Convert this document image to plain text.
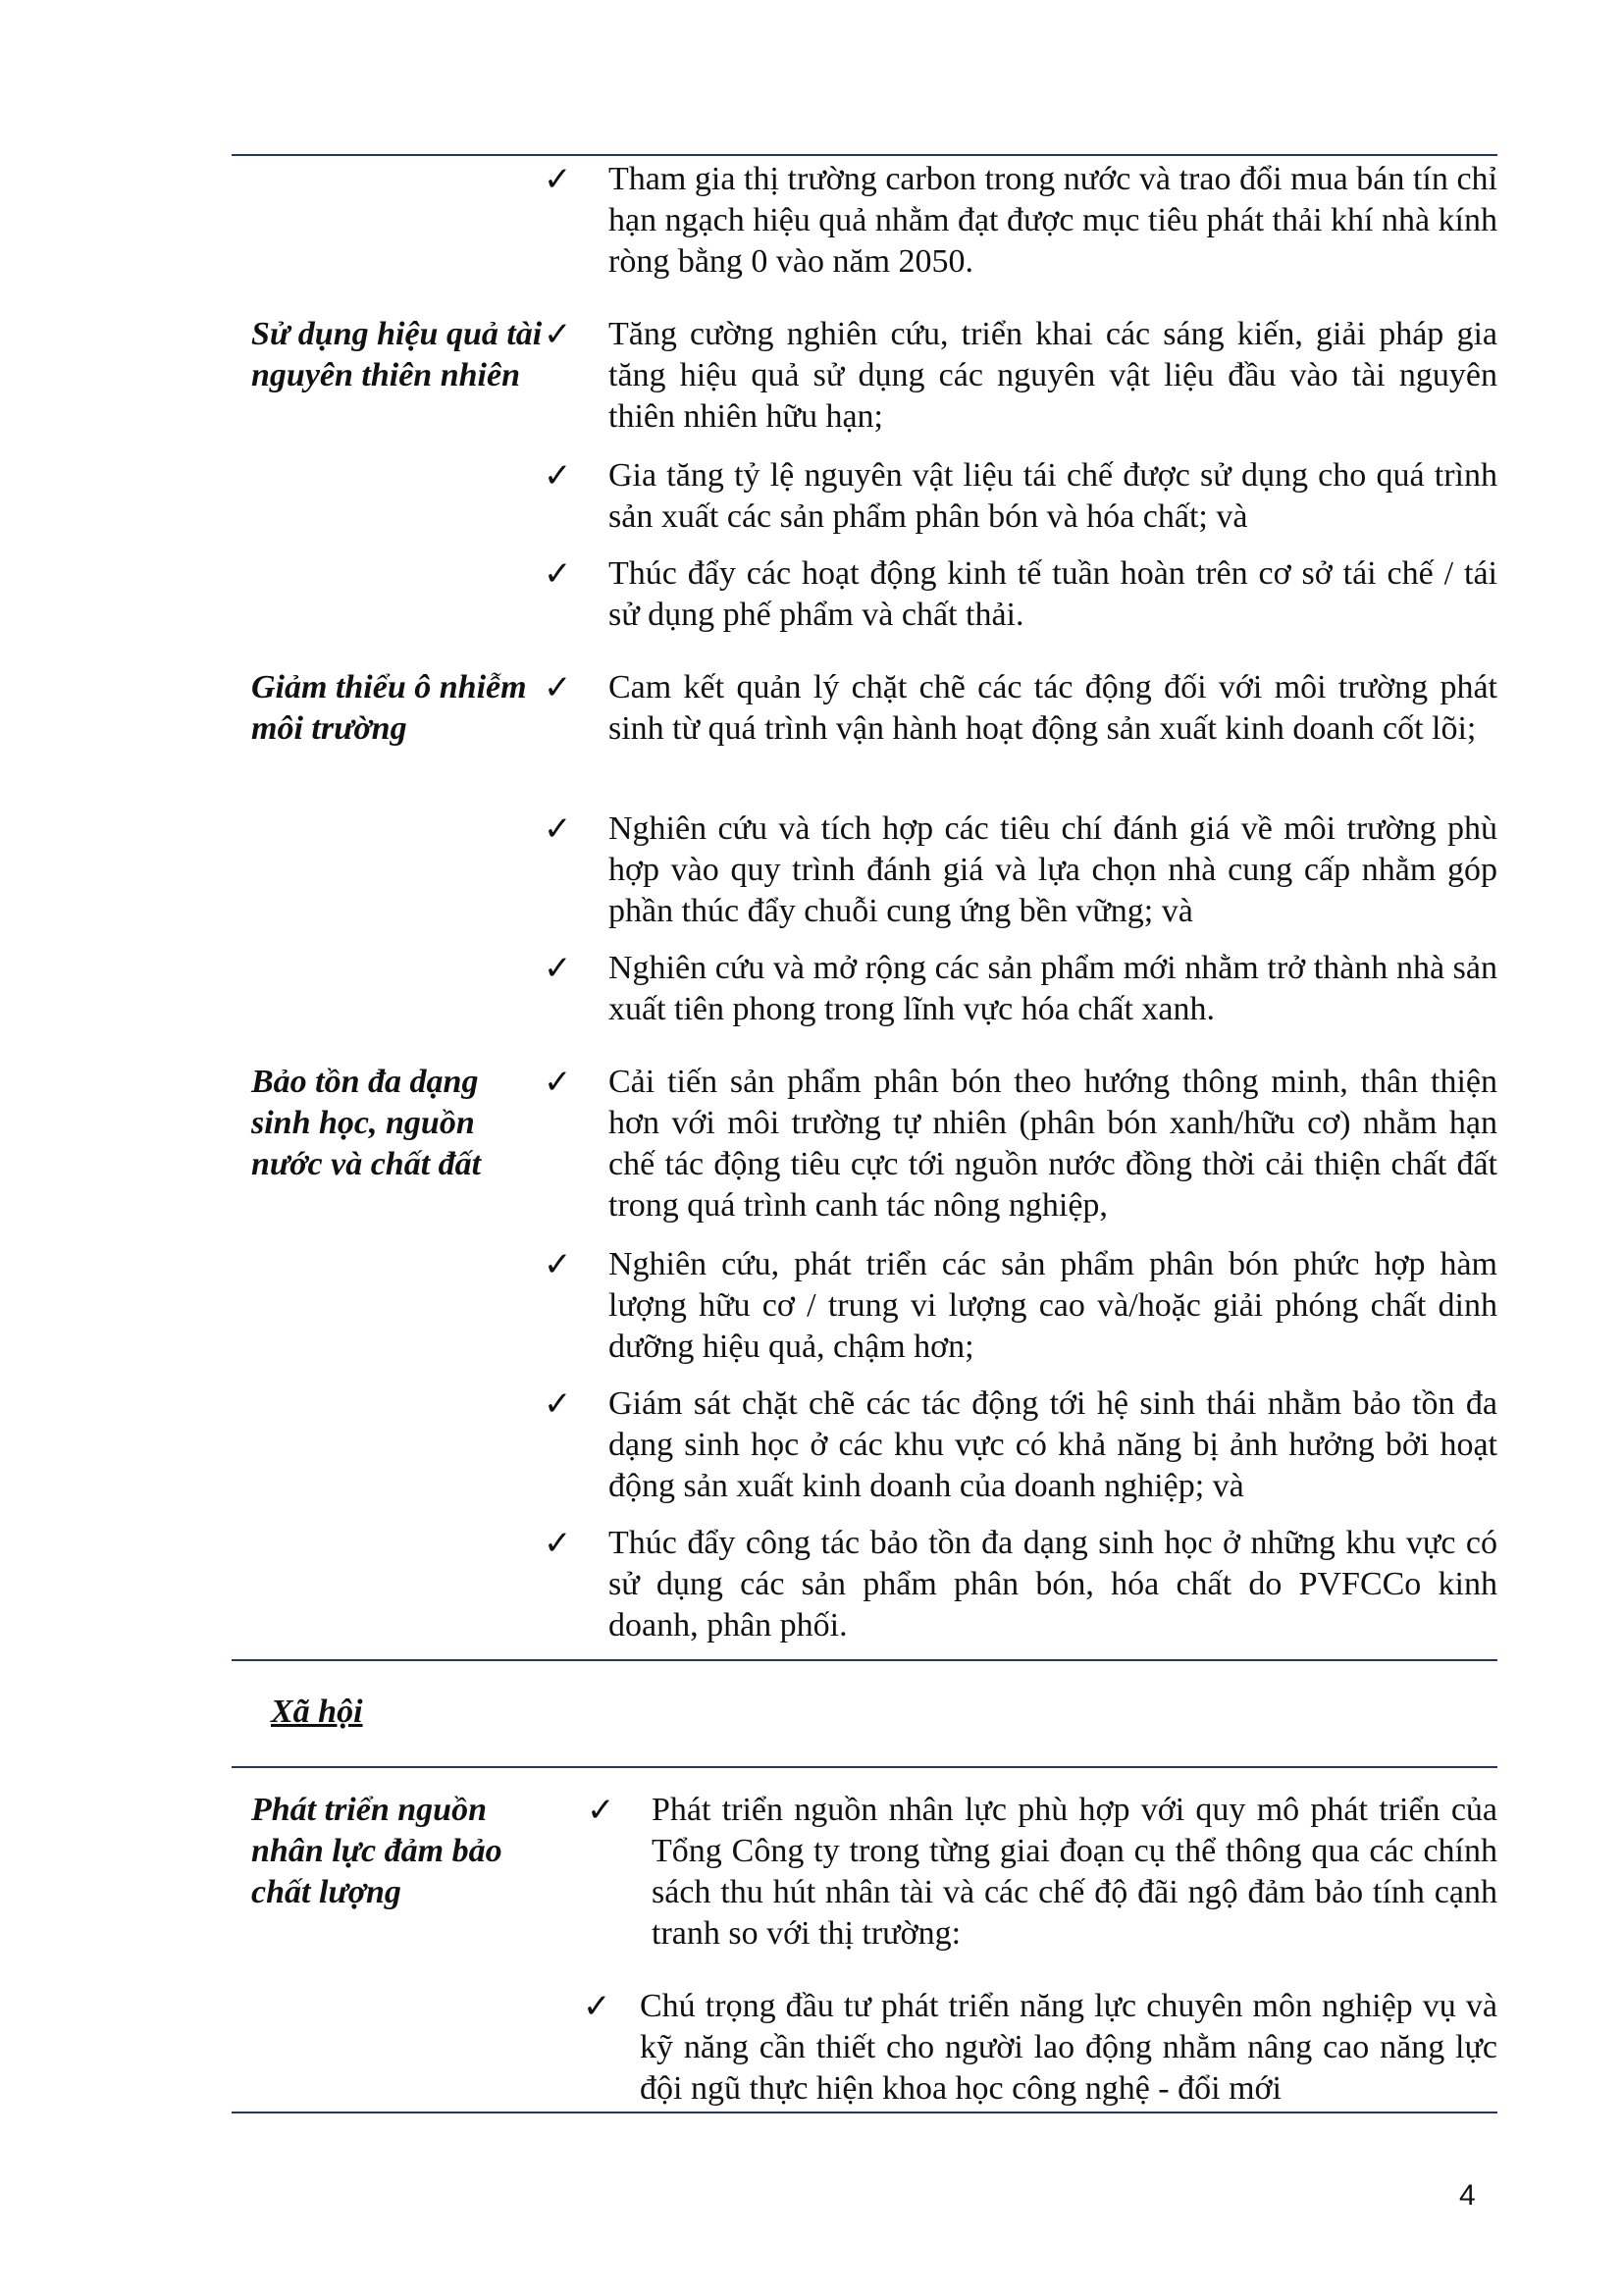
✓ Tham gia thị trường carbon trong nước và trao đổi mua bán tín chỉ hạn ngạch hiệu quả nhằm đạt được mục tiêu phát thải khí nhà kính ròng bằng 0 vào năm 2050.
Sử dụng hiệu quả tài nguyên thiên nhiên
✓ Tăng cường nghiên cứu, triển khai các sáng kiến, giải pháp gia tăng hiệu quả sử dụng các nguyên vật liệu đầu vào tài nguyên thiên nhiên hữu hạn;
✓ Gia tăng tỷ lệ nguyên vật liệu tái chế được sử dụng cho quá trình sản xuất các sản phẩm phân bón và hóa chất; và
✓ Thúc đẩy các hoạt động kinh tế tuần hoàn trên cơ sở tái chế / tái sử dụng phế phẩm và chất thải.
Giảm thiểu ô nhiễm môi trường
✓ Cam kết quản lý chặt chẽ các tác động đối với môi trường phát sinh từ quá trình vận hành hoạt động sản xuất kinh doanh cốt lõi;
✓ Nghiên cứu và tích hợp các tiêu chí đánh giá về môi trường phù hợp vào quy trình đánh giá và lựa chọn nhà cung cấp nhằm góp phần thúc đẩy chuỗi cung ứng bền vững; và
✓ Nghiên cứu và mở rộng các sản phẩm mới nhằm trở thành nhà sản xuất tiên phong trong lĩnh vực hóa chất xanh.
Bảo tồn đa dạng sinh học, nguồn nước và chất đất
✓ Cải tiến sản phẩm phân bón theo hướng thông minh, thân thiện hơn với môi trường tự nhiên (phân bón xanh/hữu cơ) nhằm hạn chế tác động tiêu cực tới nguồn nước đồng thời cải thiện chất đất trong quá trình canh tác nông nghiệp,
✓ Nghiên cứu, phát triển các sản phẩm phân bón phức hợp hàm lượng hữu cơ / trung vi lượng cao và/hoặc giải phóng chất dinh dưỡng hiệu quả, chậm hơn;
✓ Giám sát chặt chẽ các tác động tới hệ sinh thái nhằm bảo tồn đa dạng sinh học ở các khu vực có khả năng bị ảnh hưởng bởi hoạt động sản xuất kinh doanh của doanh nghiệp; và
✓ Thúc đẩy công tác bảo tồn đa dạng sinh học ở những khu vực có sử dụng các sản phẩm phân bón, hóa chất do PVFCCo kinh doanh, phân phối.
Xã hội
Phát triển nguồn nhân lực đảm bảo chất lượng
✓ Phát triển nguồn nhân lực phù hợp với quy mô phát triển của Tổng Công ty trong từng giai đoạn cụ thể thông qua các chính sách thu hút nhân tài và các chế độ đãi ngộ đảm bảo tính cạnh tranh so với thị trường:
✓ Chú trọng đầu tư phát triển năng lực chuyên môn nghiệp vụ và kỹ năng cần thiết cho người lao động nhằm nâng cao năng lực đội ngũ thực hiện khoa học công nghệ - đổi mới
4
